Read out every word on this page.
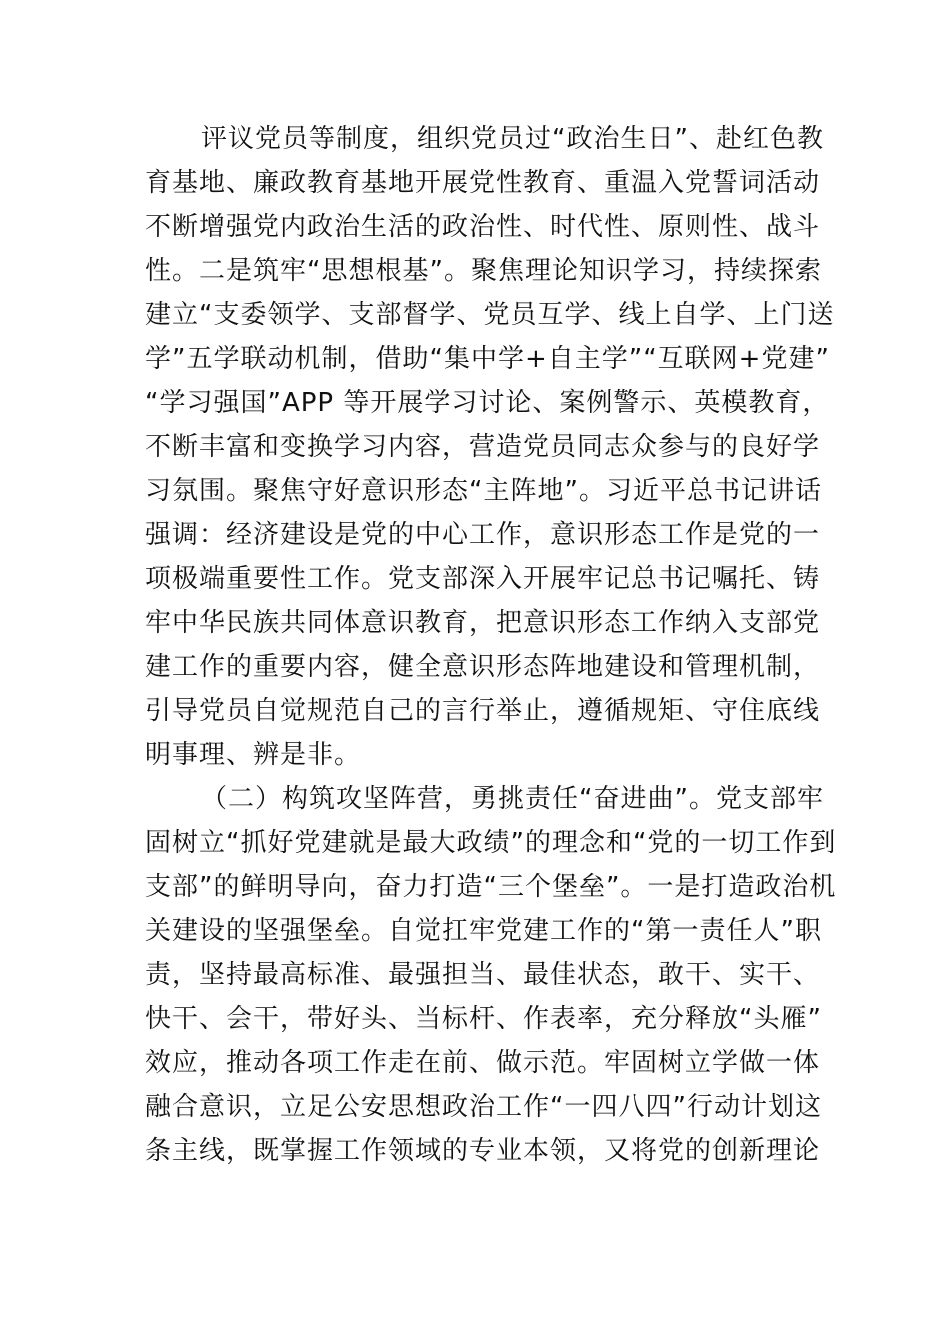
评议党员等制度，组织党员过“政治生日”、赴红色教
育基地、廉政教育基地开展党性教育、重温入党誓词活动
不断增强党内政治生活的政治性、时代性、原则性、战斗
性。二是筑牢“思想根基”。聚焦理论知识学习，持续探索
建立“支委领学、支部督学、党员互学、线上自学、上门送
学”五学联动机制，借助“集中学+自主学”“互联网+党建”
“学习强国”APP 等开展学习讨论、案例警示、英模教育，
不断丰富和变换学习内容，营造党员同志众参与的良好学
习氛围。聚焦守好意识形态“主阵地”。习近平总书记讲话
强调：经济建设是党的中心工作，意识形态工作是党的一
项极端重要性工作。党支部深入开展牢记总书记嘱托、铸
牢中华民族共同体意识教育，把意识形态工作纳入支部党
建工作的重要内容，健全意识形态阵地建设和管理机制，
引导党员自觉规范自己的言行举止，遵循规矩、守住底线
明事理、辨是非。
（二）构筑攻坚阵营，勇挑责任“奋进曲”。党支部牢
固树立“抓好党建就是最大政绩”的理念和“党的一切工作到
支部”的鲜明导向，奋力打造“三个堡垒”。一是打造政治机
关建设的坚强堡垒。自觉扛牢党建工作的“第一责任人”职
责，坚持最高标准、最强担当、最佳状态，敢干、实干、
快干、会干，带好头、当标杆、作表率，充分释放“头雁”
效应，推动各项工作走在前、做示范。牢固树立学做一体
融合意识，立足公安思想政治工作“一四八四”行动计划这
条主线，既掌握工作领域的专业本领，又将党的创新理论
